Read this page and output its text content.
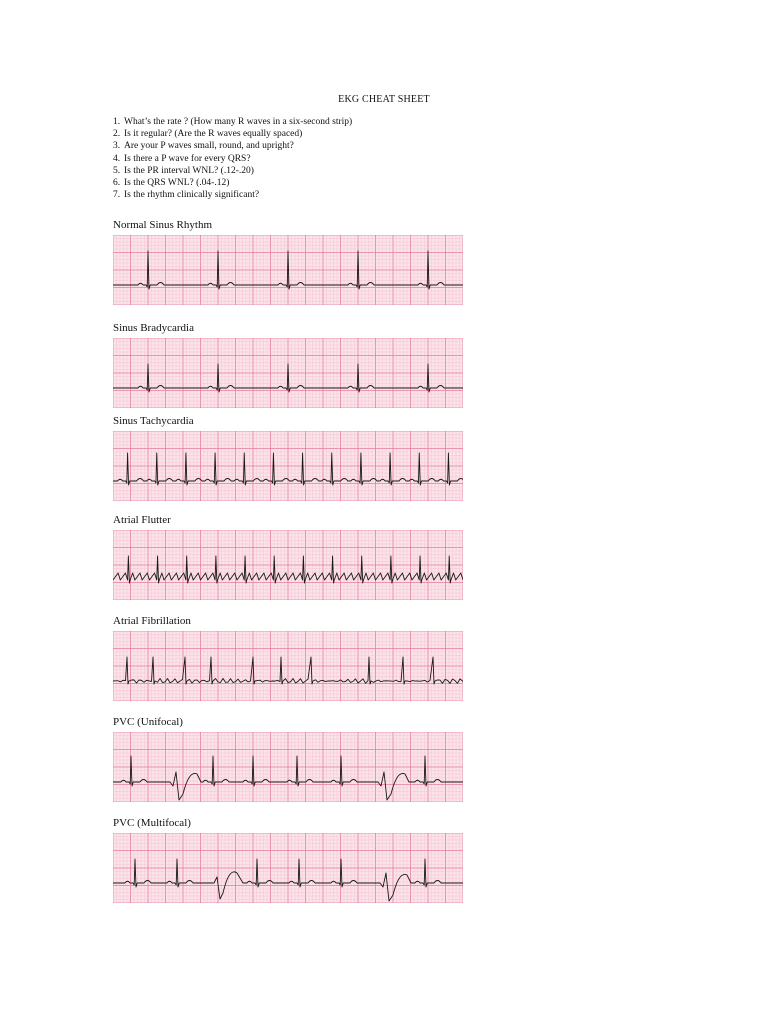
EKG CHEAT SHEET
1. What’s the rate ? (How many R waves in a six-second strip)
2. Is it regular? (Are the R waves equally spaced)
3. Are your P waves small, round, and upright?
4. Is there a P wave for every QRS?
5. Is the PR interval WNL? (.12-.20)
6. Is the QRS WNL? (.04-.12)
7. Is the rhythm clinically significant?
Normal Sinus Rhythm
Sinus Bradycardia
Sinus Tachycardia
Atrial Flutter
Atrial Fibrillation
PVC (Unifocal)
PVC (Multifocal)
